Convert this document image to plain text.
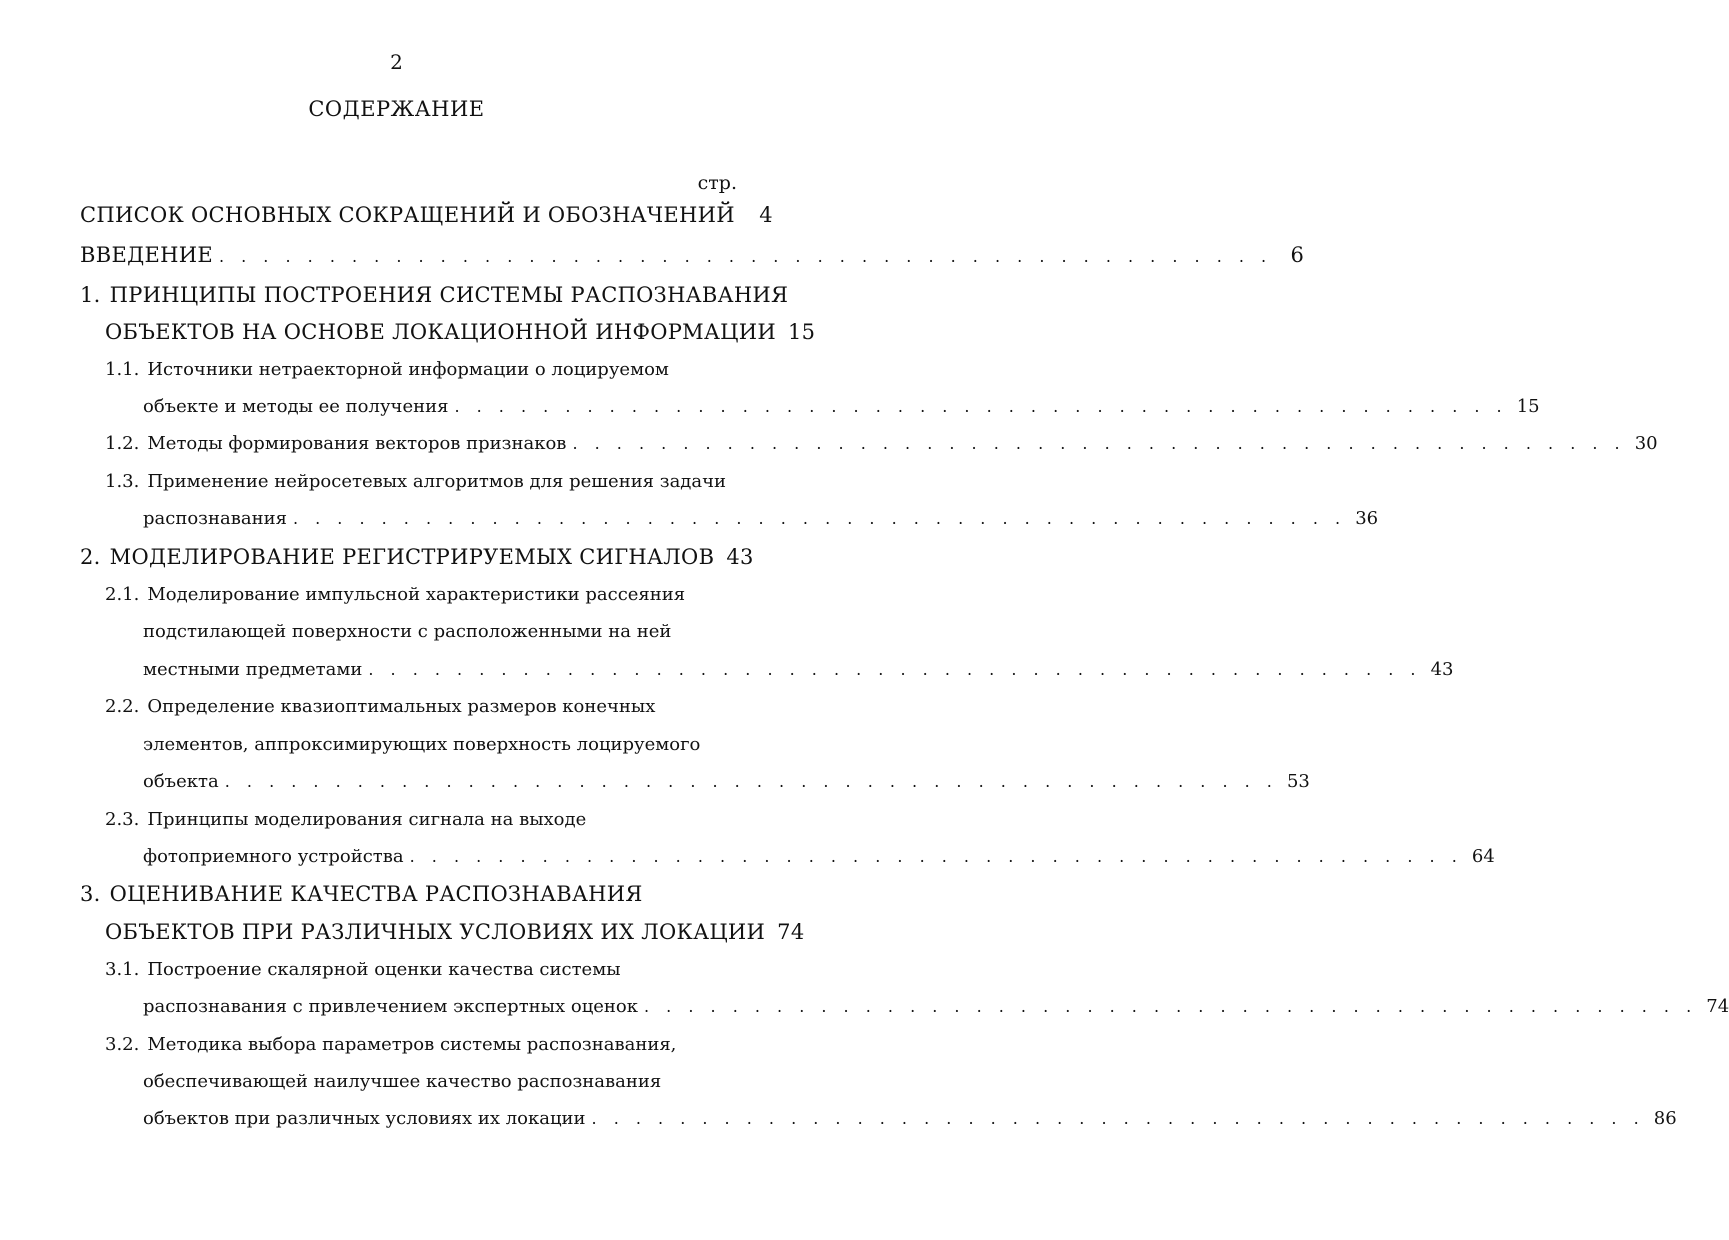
2
СОДЕРЖАНИЕ
стр.
СПИСОК ОСНОВНЫХ СОКРАЩЕНИЙ И ОБОЗНАЧЕНИЙ	4
ВВЕДЕНИЕ . . . . . . . . . . . . . . . . . . . . . . . . . . . . . . . . . . . . . . . . . . . . . . . . 6
1. ПРИНЦИПЫ ПОСТРОЕНИЯ СИСТЕМЫ РАСПОЗНАВАНИЯ
ОБЪЕКТОВ НА ОСНОВЕ ЛОКАЦИОННОЙ ИНФОРМАЦИИ 15
1.1. Источники нетраекторной информации о лоцируемом
объекте и методы ее получения . . . . . . . . . . . . . . . . . . . . . . . . . . . . . . . . . . . . . . . . . . . . . . . . 15
1.2. Методы формирования векторов признаков . . . . . . . . . . . . . . . . . . . . . . . . . . . . . . . . . . . . . . . . . . . . . . . . 30
1.3. Применение нейросетевых алгоритмов для решения задачи
распознавания . . . . . . . . . . . . . . . . . . . . . . . . . . . . . . . . . . . . . . . . . . . . . . . . 36
2. МОДЕЛИРОВАНИЕ РЕГИСТРИРУЕМЫХ СИГНАЛОВ 43
2.1. Моделирование импульсной характеристики рассеяния
подстилающей поверхности с расположенными на ней
местными предметами . . . . . . . . . . . . . . . . . . . . . . . . . . . . . . . . . . . . . . . . . . . . . . . . 43
2.2. Определение квазиоптимальных размеров конечных
элементов, аппроксимирующих поверхность лоцируемого
объекта . . . . . . . . . . . . . . . . . . . . . . . . . . . . . . . . . . . . . . . . . . . . . . . . 53
2.3. Принципы моделирования сигнала на выходе
фотоприемного устройства . . . . . . . . . . . . . . . . . . . . . . . . . . . . . . . . . . . . . . . . . . . . . . . . 64
3. ОЦЕНИВАНИЕ КАЧЕСТВА РАСПОЗНАВАНИЯ
ОБЪЕКТОВ ПРИ РАЗЛИЧНЫХ УСЛОВИЯХ ИХ ЛОКАЦИИ 74
3.1. Построение скалярной оценки качества системы
распознавания с привлечением экспертных оценок . . . . . . . . . . . . . . . . . . . . . . . . . . . . . . . . . . . . . . . . . . . . . . . . 74
3.2. Методика выбора параметров системы распознавания,
обеспечивающей наилучшее качество распознавания
объектов при различных условиях их локации . . . . . . . . . . . . . . . . . . . . . . . . . . . . . . . . . . . . . . . . . . . . . . . . 86
